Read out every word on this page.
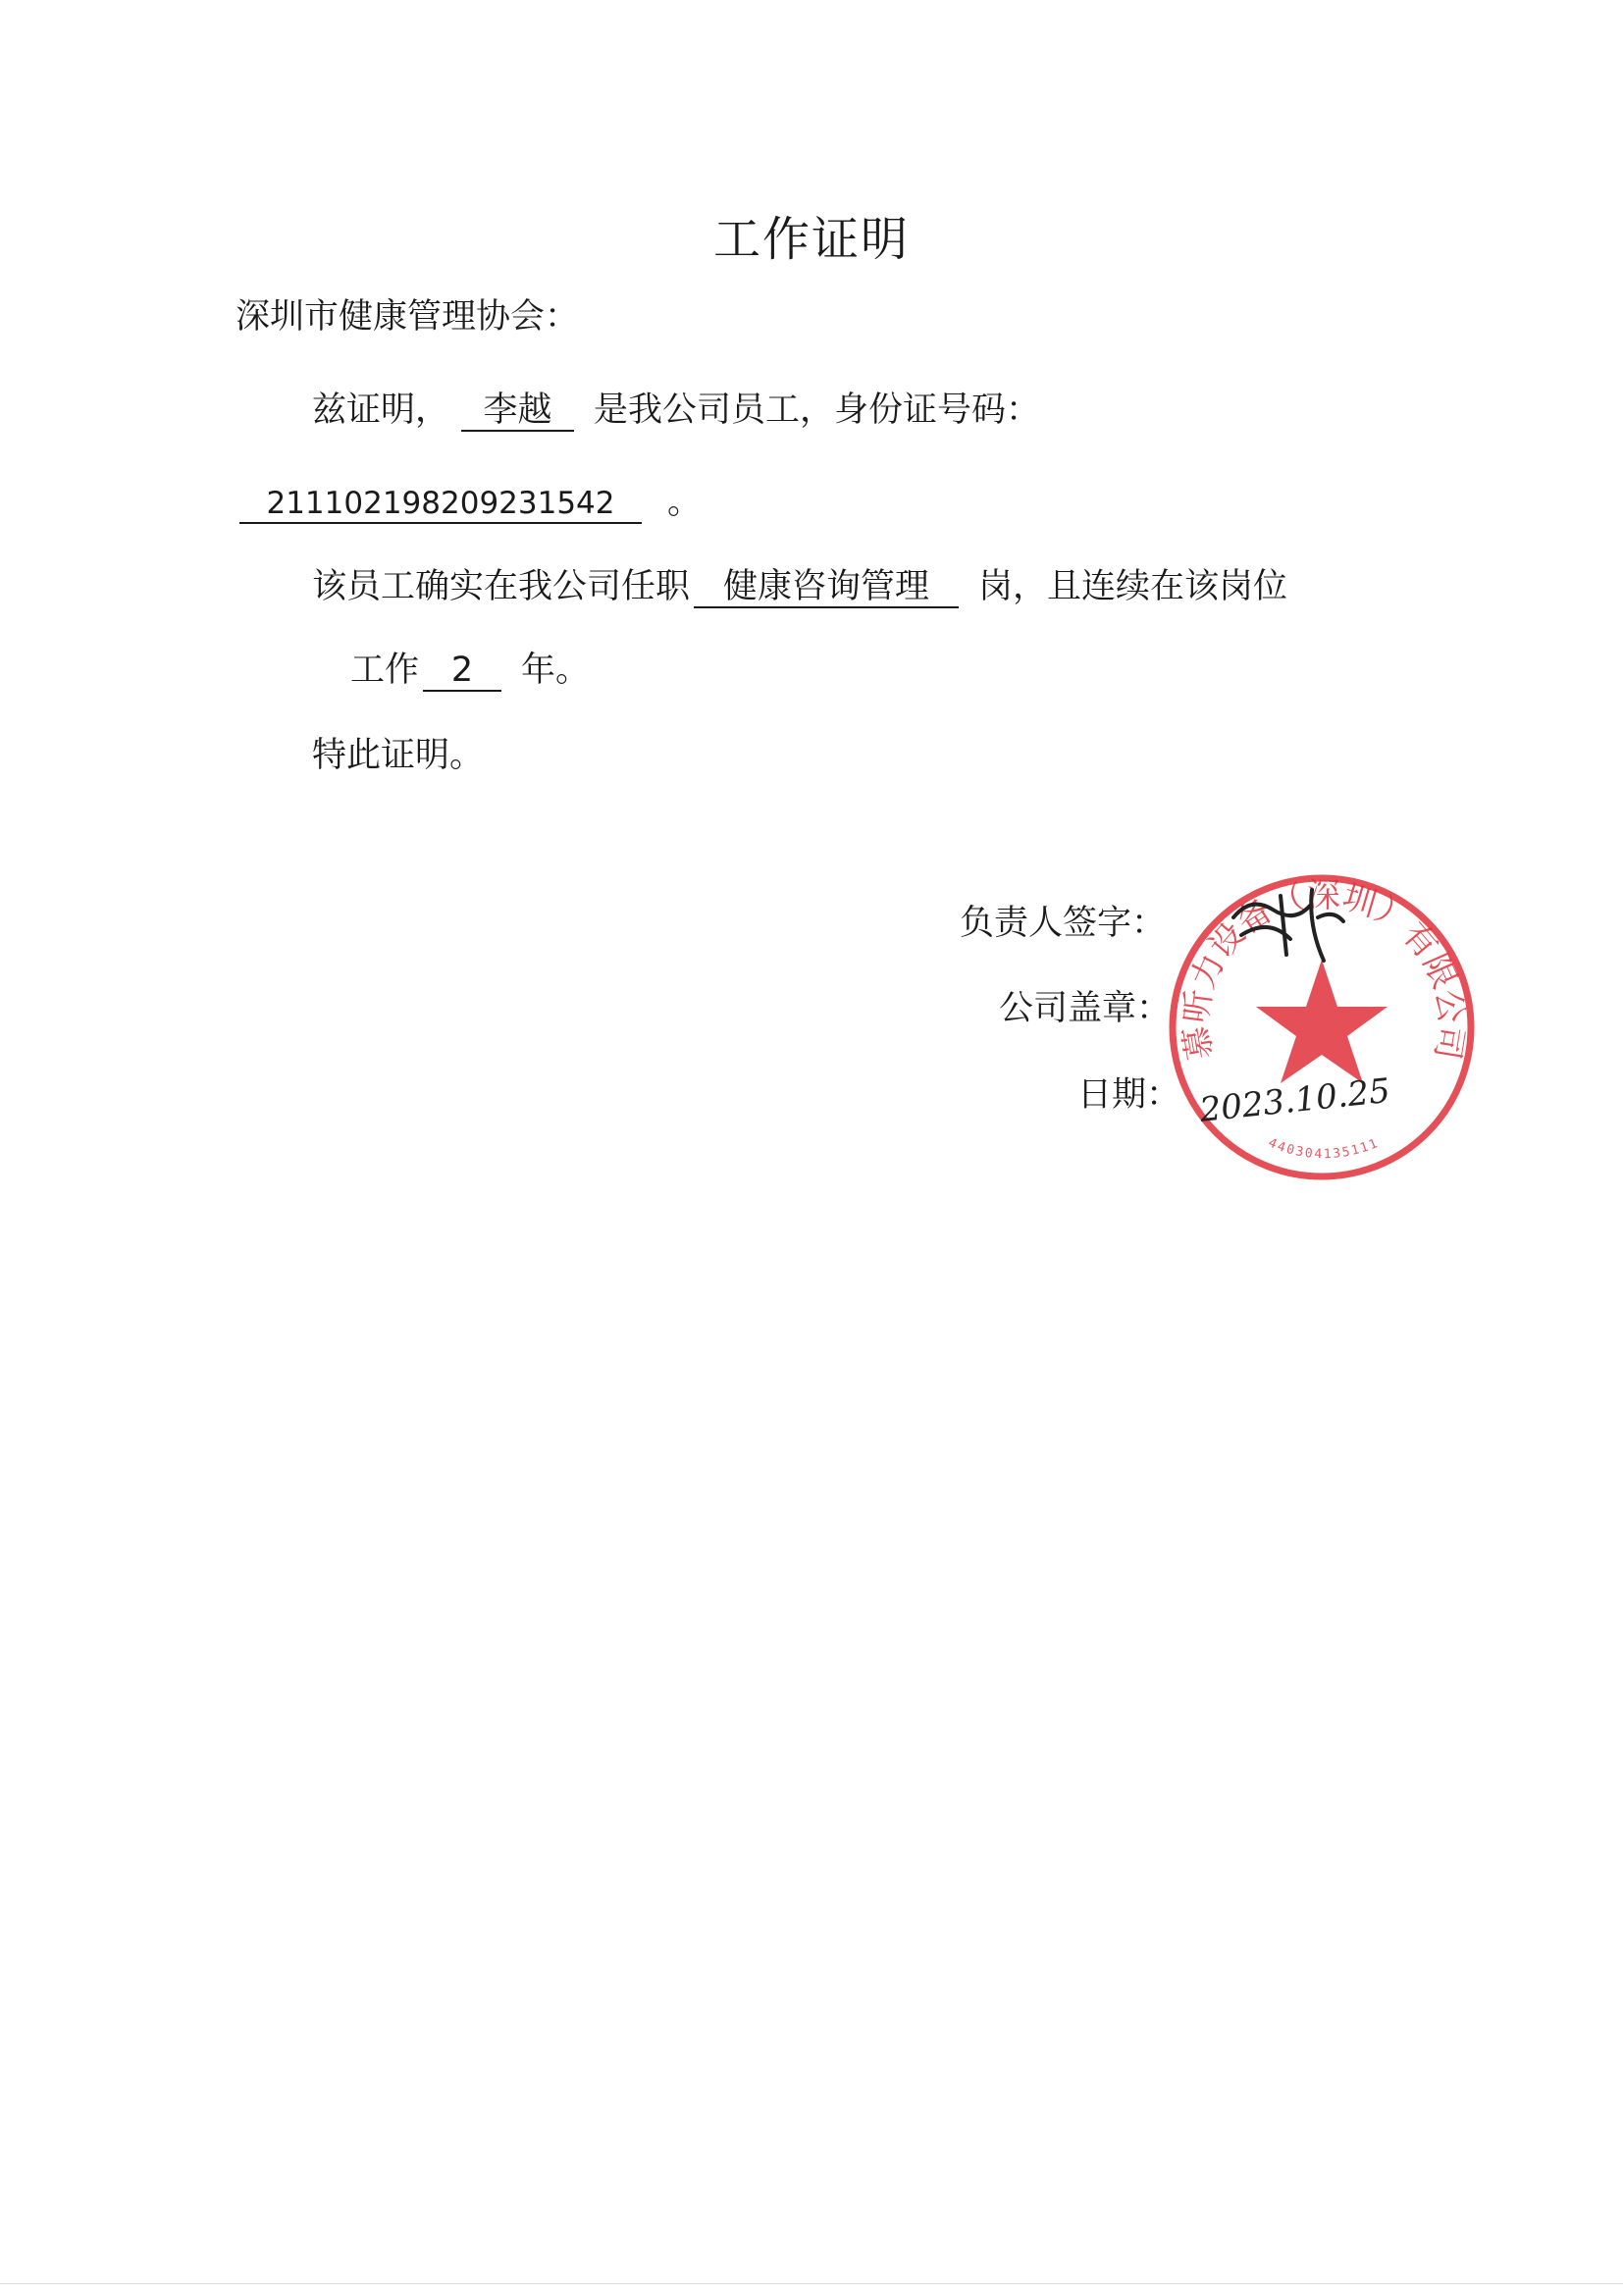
工作证明
深圳市健康管理协会：
兹证明， 李越	是我公司员工，身份证号码：
211102198209231542	。
该员工确实在我公司任职 健康咨询管理	岗，且连续在该岗位
工作 2	年。
特此证明。
负责人签字：
公司盖章：
日期：
慕听力设备（深圳）有限公司
440304135111
2023.10.25
